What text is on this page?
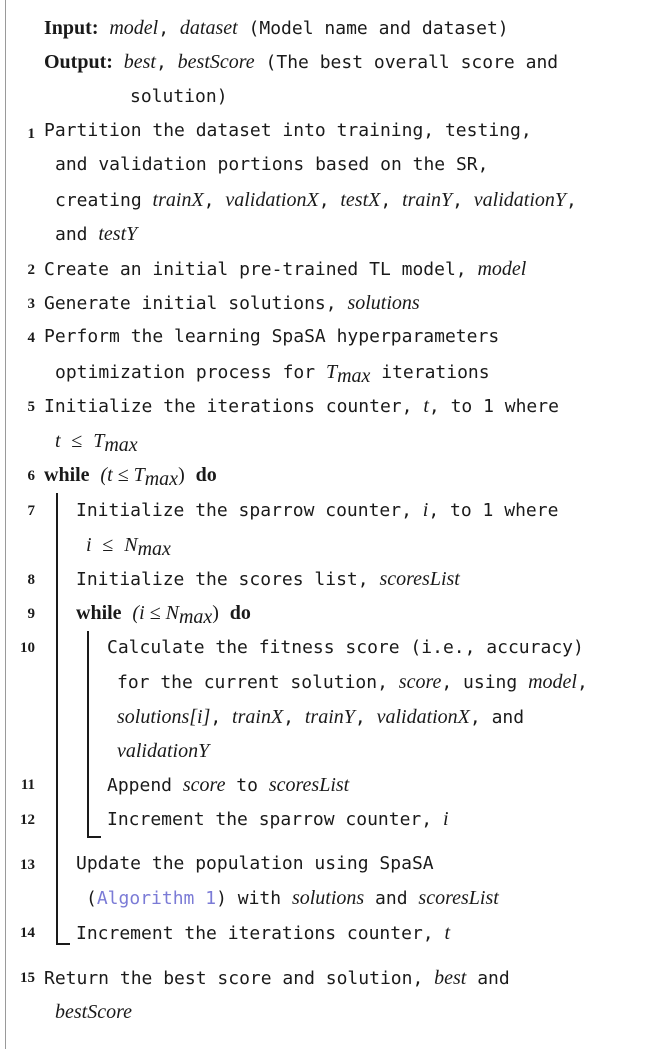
Input: model, dataset (Model name and dataset)
Output: best, bestScore (The best overall score and
solution)
1 Partition the dataset into training, testing,
and validation portions based on the SR,
creating trainX, validationX, testX, trainY, validationY,
and testY
2 Create an initial pre-trained TL model, model
3 Generate initial solutions, solutions
4 Perform the learning SpaSA hyperparameters
optimization process for $T_{max}$ iterations
5 Initialize the iterations counter, t, to 1 where
$t \le T_{max}$
6 while $(t \le T_{max})$ do
7 Initialize the sparrow counter, i, to 1 where
$i \le N_{max}$
8 Initialize the scores list, scoresList
9 while $(i \le N_{max})$ do
10	Calculate the fitness score (i.e., accuracy)
for the current solution, score, using model,
solutions[i], trainX, trainY, validationX, and
validationY
11	Append score to scoresList
12	Increment the sparrow counter, i
13 Update the population using SpaSA
(Algorithm 1) with solutions and scoresList
14 Increment the iterations counter, t
15 Return the best score and solution, best and
bestScore
